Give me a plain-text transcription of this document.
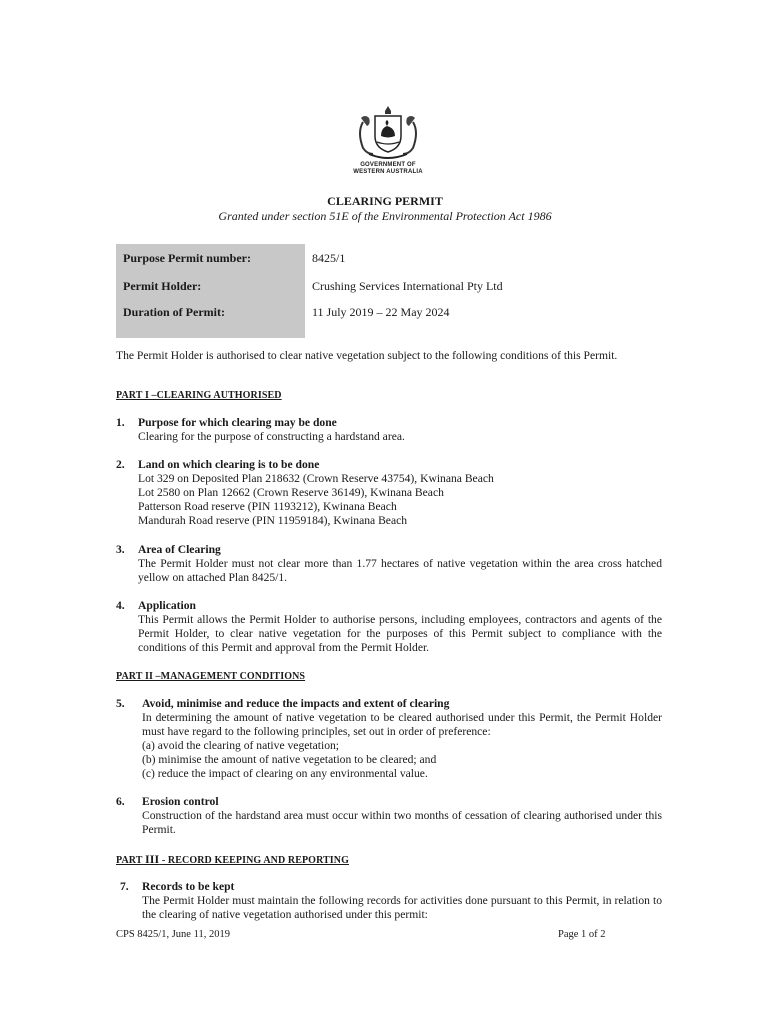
GOVERNMENT OF
WESTERN AUSTRALIA
CLEARING PERMIT
Granted under section 51E of the Environmental Protection Act 1986
Purpose Permit number:	8425/1
Permit Holder:	Crushing Services International Pty Ltd
Duration of Permit:	11 July 2019 – 22 May 2024
The Permit Holder is authorised to clear native vegetation subject to the following conditions of this Permit.
PART I –CLEARING AUTHORISED
1. Purpose for which clearing may be done
Clearing for the purpose of constructing a hardstand area.
2. Land on which clearing is to be done
Lot 329 on Deposited Plan 218632 (Crown Reserve 43754), Kwinana Beach
Lot 2580 on Plan 12662 (Crown Reserve 36149), Kwinana Beach
Patterson Road reserve (PIN 1193212), Kwinana Beach
Mandurah Road reserve (PIN 11959184), Kwinana Beach
3. Area of Clearing
The Permit Holder must not clear more than 1.77 hectares of native vegetation within the area cross hatched yellow on attached Plan 8425/1.
4. Application
This Permit allows the Permit Holder to authorise persons, including employees, contractors and agents of the Permit Holder, to clear native vegetation for the purposes of this Permit subject to compliance with the conditions of this Permit and approval from the Permit Holder.
PART II –MANAGEMENT CONDITIONS
5. Avoid, minimise and reduce the impacts and extent of clearing
In determining the amount of native vegetation to be cleared authorised under this Permit, the Permit Holder must have regard to the following principles, set out in order of preference:
(a) avoid the clearing of native vegetation;
(b) minimise the amount of native vegetation to be cleared; and
(c) reduce the impact of clearing on any environmental value.
6. Erosion control
Construction of the hardstand area must occur within two months of cessation of clearing authorised under this Permit.
PART III - RECORD KEEPING AND REPORTING
7. Records to be kept
The Permit Holder must maintain the following records for activities done pursuant to this Permit, in relation to the clearing of native vegetation authorised under this permit:
CPS 8425/1, June 11, 2019	Page 1 of 2
